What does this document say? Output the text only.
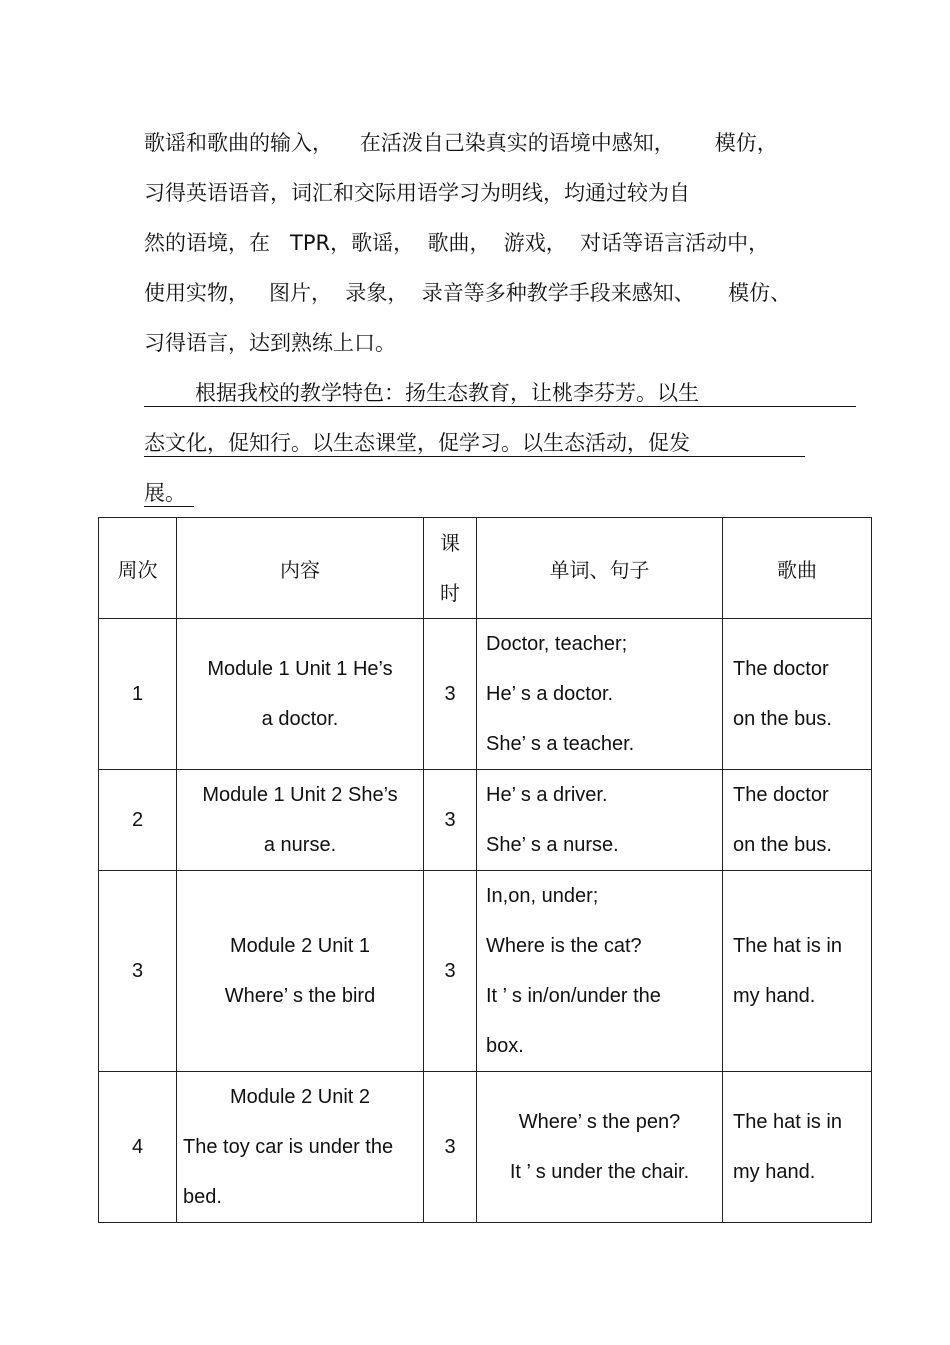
歌谣和歌曲的输入，    在活泼自己染真实的语境中感知，      模仿，
习得英语语音，词汇和交际用语学习为明线，均通过较为自
然的语境，在   TPR，歌谣，  歌曲，  游戏，  对话等语言活动中，
使用实物，   图片，  录象，  录音等多种教学手段来感知、     模仿、
习得语言，达到熟练上口。
根据我校的教学特色：扬生态教育，让桃李芬芳。以生
态文化，促知行。以生态课堂，促学习。以生态活动，促发
展。
周次	内容	课
时	单词、句子	歌曲
1	Module 1 Unit 1 He’s
a doctor.	3	Doctor, teacher;
He’ s a doctor.
She’ s a teacher.	The doctor
on the bus.

2	Module 1 Unit 2 She’s
a nurse.	3	He’ s a driver.
She’ s a nurse.	The doctor
on the bus.

3	Module 2 Unit 1
Where’ s the bird	3	In,on, under;
Where is the cat?
It ’ s in/on/under the
box.	The hat is in
my hand.

4	Module 2 Unit 2
The toy car is under the
bed.	3	Where’ s the pen?
It ’ s under the chair.	The hat is in
my hand.
